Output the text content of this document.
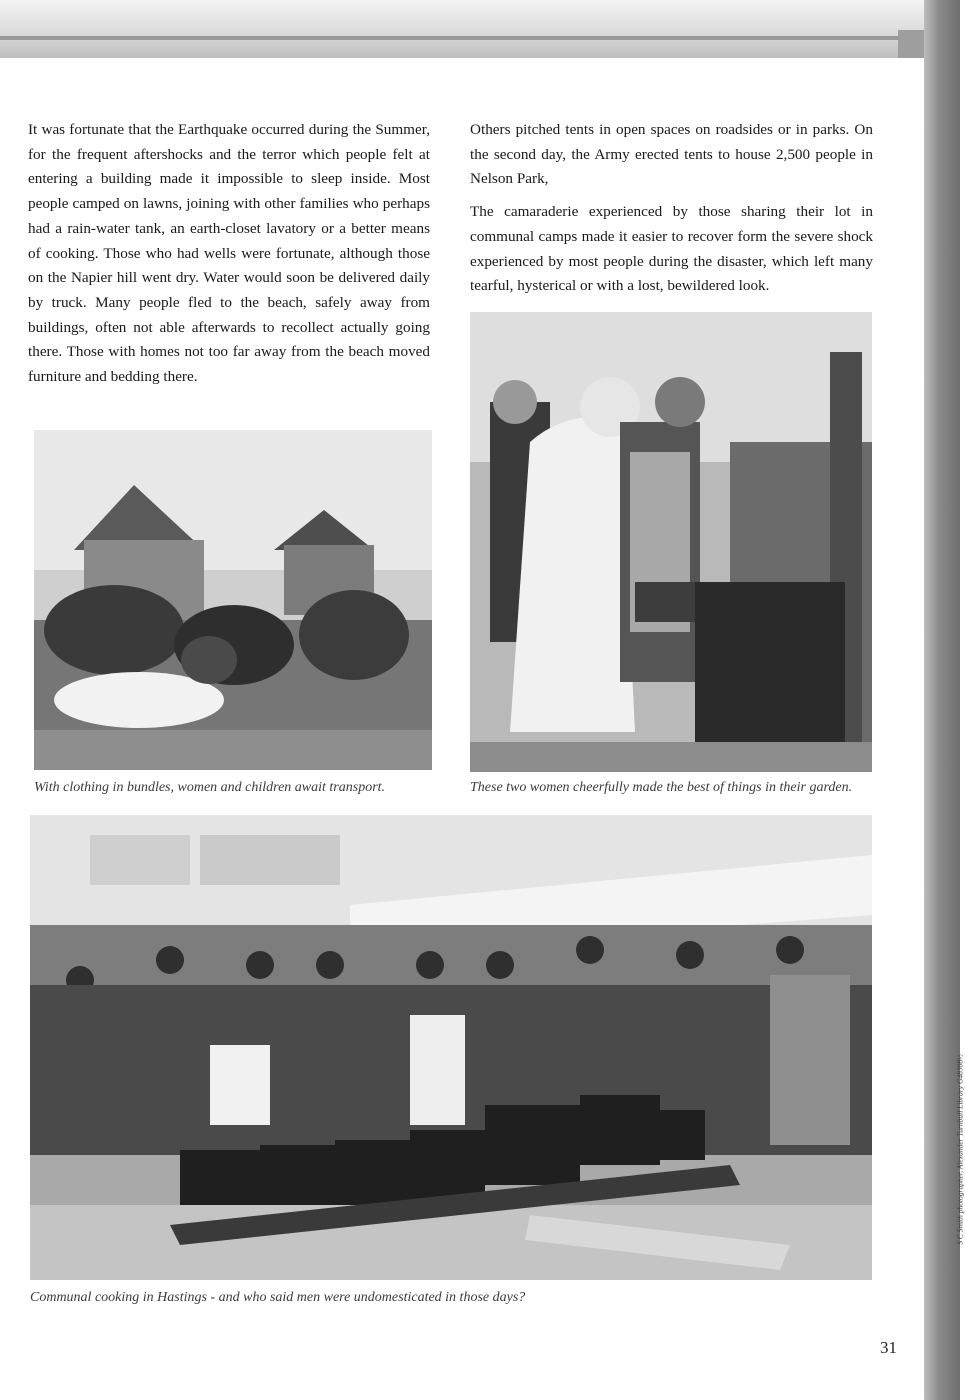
It was fortunate that the Earthquake occurred during the Summer, for the frequent aftershocks and the terror which people felt at entering a building made it impossible to sleep inside. Most people camped on lawns, joining with other families who perhaps had a rain-water tank, an earth-closet lavatory or a better means of cooking. Those who had wells were fortunate, although those on the Napier hill went dry. Water would soon be delivered daily by truck. Many people fled to the beach, safely away from buildings, often not able afterwards to recollect actually going there. Those with homes not too far away from the beach moved furniture and bedding there.

Others pitched tents in open spaces on roadsides or in parks. On the second day, the Army erected tents to house 2,500 people in Nelson Park,

The camaraderie experienced by those sharing their lot in communal camps made it easier to recover form the severe shock experienced by most people during the disaster, which left many tearful, hysterical or with a lost, bewildered look.

With clothing in bundles, women and children await transport.	These two women cheerfully made the best of things in their garden.
Communal cooking in Hastings - and who said men were undomesticated in those days?
S C Smith photographer, Alexander Turnbull Library G48308½
31
